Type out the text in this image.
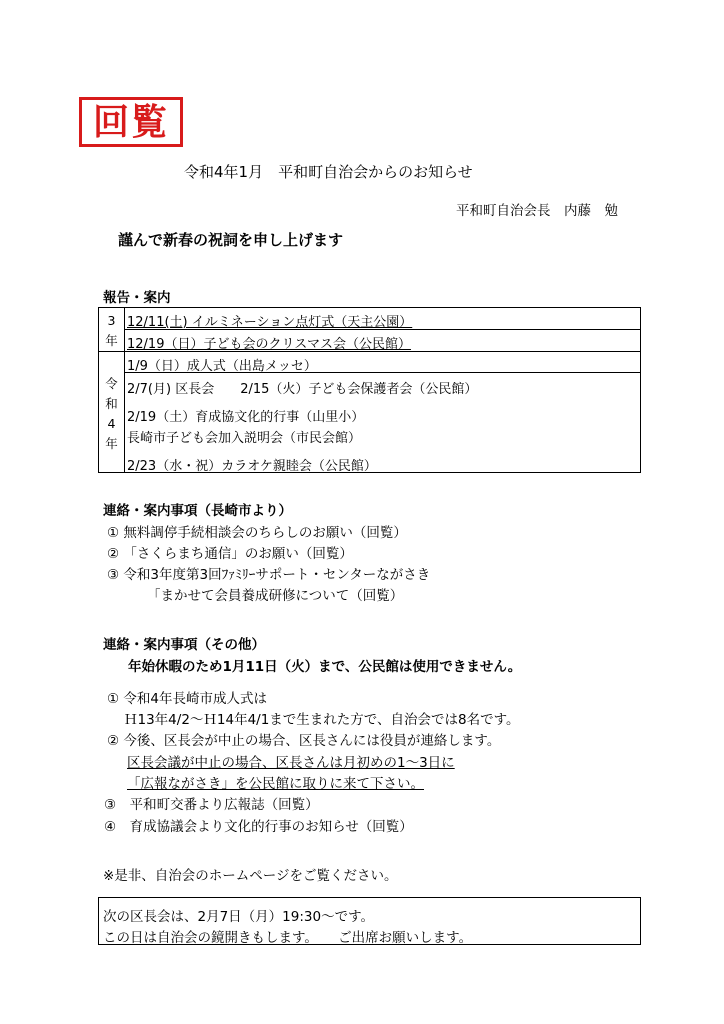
回覧
令和4年1月　平和町自治会からのお知らせ
平和町自治会長　内藤　勉
謹んで新春の祝詞を申し上げます
報告・案内
3
年
令
和
4
年
12/11(土) イルミネーション点灯式（天主公園）
12/19（日）子ども会のクリスマス会（公民館）
1/9（日）成人式（出島メッセ）
2/7(月) 区長会　　2/15（火）子ども会保護者会（公民館）
2/19（土）育成協文化的行事（山里小）
長崎市子ども会加入説明会（市民会館）
2/23（水・祝）カラオケ親睦会（公民館）
連絡・案内事項（長崎市より）
① 無料調停手続相談会のちらしのお願い（回覧）
② 「さくらまち通信」のお願い（回覧）
③ 令和3年度第3回ﾌｧﾐﾘｰサポート・センターながさき
「まかせて会員養成研修について（回覧）
連絡・案内事項（その他）
年始休暇のため1月11日（火）まで、公民館は使用できません。
① 令和4年長崎市成人式は
Ｈ13年4/2～Ｈ14年4/1まで生まれた方で、自治会では8名です。
② 今後、区長会が中止の場合、区長さんには役員が連絡します。
区長会議が中止の場合、区長さんは月初めの1～3日に
「広報ながさき」を公民館に取りに来て下さい。
③　平和町交番より広報誌（回覧）
④　育成協議会より文化的行事のお知らせ（回覧）
※是非、自治会のホームページをご覧ください。
次の区長会は、2月7日（月）19:30～です。
この日は自治会の鏡開きもします。　　ご出席お願いします。
